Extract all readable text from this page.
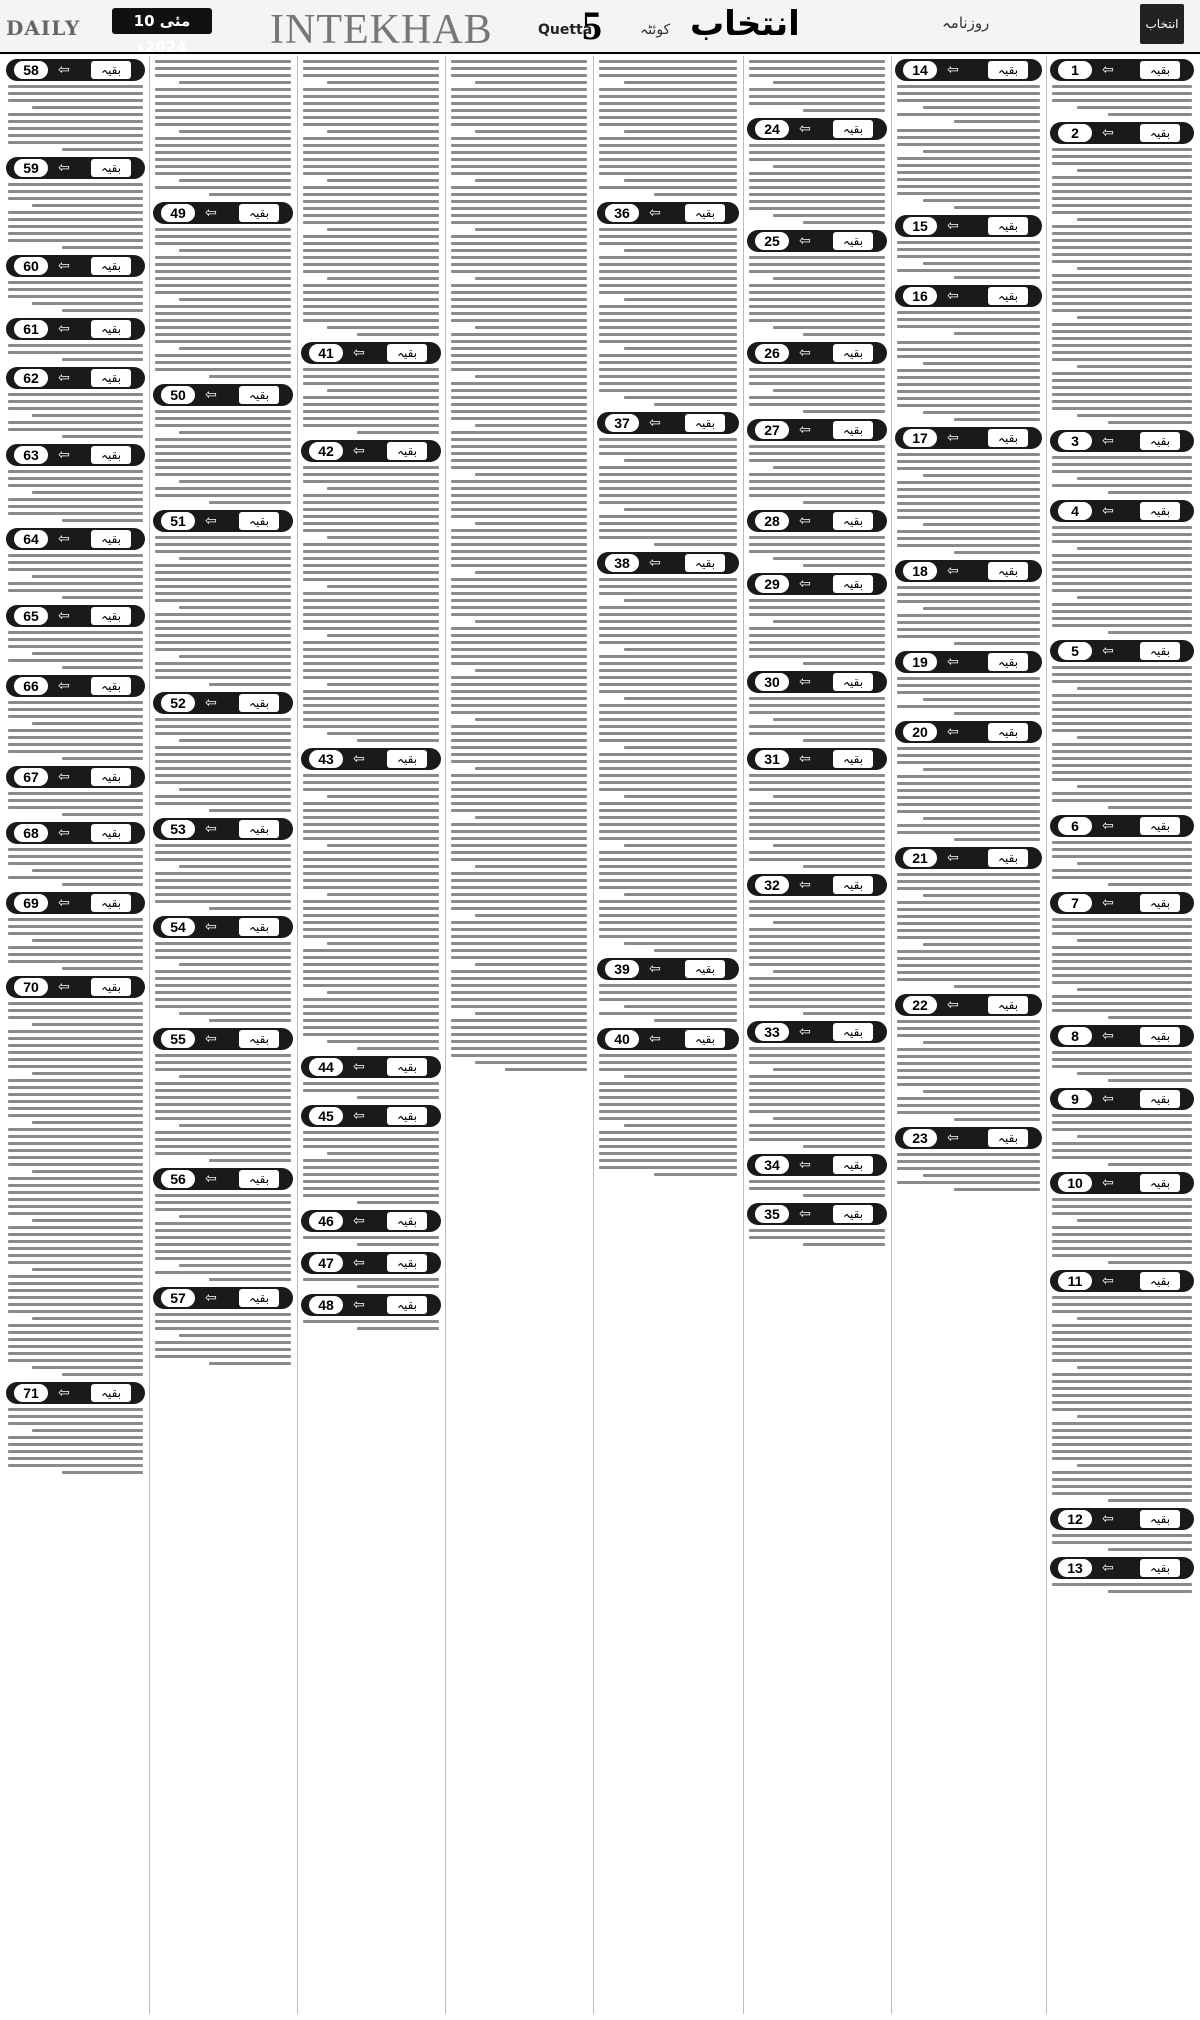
DAILY	10 مئی 2024ء	INTEKHAB	Quetta
5	کوئٹہ انتخاب	روزنامہ	انتخاب
58	⇦	بقیہ
59	⇦	بقیہ
60	⇦	بقیہ
61	⇦	بقیہ
62	⇦	بقیہ
63	⇦	بقیہ
64	⇦	بقیہ
65	⇦	بقیہ
66	⇦	بقیہ
67	⇦	بقیہ
68	⇦	بقیہ
69	⇦	بقیہ
70	⇦	بقیہ
71	⇦	بقیہ
49	⇦	بقیہ
50	⇦	بقیہ
51	⇦	بقیہ
52	⇦	بقیہ
53	⇦	بقیہ
54	⇦	بقیہ
55	⇦	بقیہ
56	⇦	بقیہ
57	⇦	بقیہ
41	⇦	بقیہ
42	⇦	بقیہ
43	⇦	بقیہ
44	⇦	بقیہ
45	⇦	بقیہ
46	⇦	بقیہ
47	⇦	بقیہ
48	⇦	بقیہ
36	⇦	بقیہ
37	⇦	بقیہ
38	⇦	بقیہ
39	⇦	بقیہ
40	⇦	بقیہ
24	⇦	بقیہ
25	⇦	بقیہ
26	⇦	بقیہ
27	⇦	بقیہ
28	⇦	بقیہ
29	⇦	بقیہ
30	⇦	بقیہ
31	⇦	بقیہ
32	⇦	بقیہ
33	⇦	بقیہ
34	⇦	بقیہ
35	⇦	بقیہ
14	⇦	بقیہ
15	⇦	بقیہ
16	⇦	بقیہ
17	⇦	بقیہ
18	⇦	بقیہ
19	⇦	بقیہ
20	⇦	بقیہ
21	⇦	بقیہ
22	⇦	بقیہ
23	⇦	بقیہ
1	⇦	بقیہ
2	⇦	بقیہ
3	⇦	بقیہ
4	⇦	بقیہ
5	⇦	بقیہ
6	⇦	بقیہ
7	⇦	بقیہ
8	⇦	بقیہ
9	⇦	بقیہ
10	⇦	بقیہ
11	⇦	بقیہ
12	⇦	بقیہ
13	⇦	بقیہ
